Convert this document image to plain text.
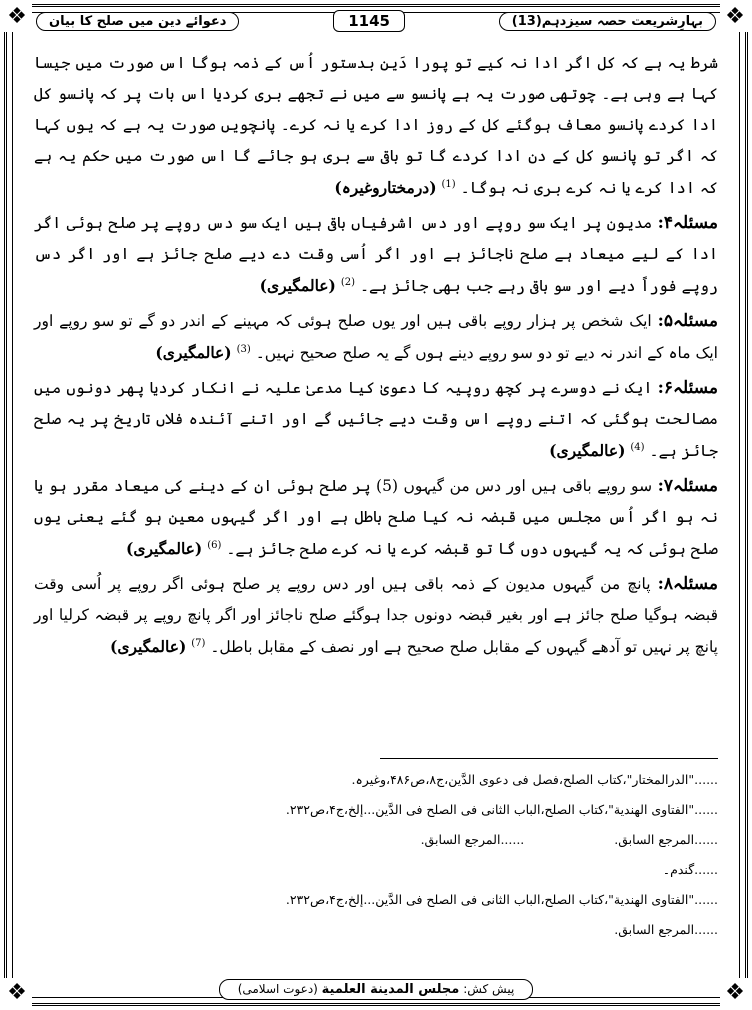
❖	❖
❖	❖
بہارِشریعت حصہ سیزدہم(13)
1145
دعوائے دین میں صلح کا بیان

شرط یہ ہے کہ کل اگر ادا نہ کیے تو پورا دَین بدستور اُس کے ذمہ ہوگا اس صورت میں جیسا کہا ہے وہی ہے۔ چوتھی صورت یہ ہے پانسو سے میں نے تجھے بری کردیا اس بات پر کہ پانسو کل ادا کردے پانسو معاف ہوگئے کل کے روز ادا کرے یا نہ کرے۔ پانچویں صورت یہ ہے کہ یوں کہا کہ اگر تو پانسو کل کے دن ادا کردے گا تو باقی سے بری ہو جائے گا اس صورت میں حکم یہ ہے کہ ادا کرے یا نہ کرے بری نہ ہوگا۔ $^{(1)}$ (درمختاروغیرہ)

مسئلہ۴: مدیون پر ایک سو روپے اور دس اشرفیاں باقی ہیں ایک سو دس روپے پر صلح ہوئی اگر ادا کے لیے میعاد ہے صلح ناجائز ہے اور اگر اُسی وقت دے دیے صلح جائز ہے اور اگر دس روپے فوراً دیے اور سو باقی رہے جب بھی جائز ہے۔ $^{(2)}$ (عالمگیری)

مسئلہ۵: ایک شخص پر ہزار روپے باقی ہیں اور یوں صلح ہوئی کہ مہینے کے اندر دو گے تو سو روپے اور ایک ماہ کے اندر نہ دیے تو دو سو روپے دینے ہوں گے یہ صلح صحیح نہیں۔ $^{(3)}$ (عالمگیری)

مسئلہ۶: ایک نے دوسرے پر کچھ روپیہ کا دعویٰ کیا مدعیٰ علیہ نے انکار کردیا پھر دونوں میں مصالحت ہوگئی کہ اتنے روپے اس وقت دیے جائیں گے اور اتنے آئندہ فلاں تاریخ پر یہ صلح جائز ہے۔ $^{(4)}$ (عالمگیری)

مسئلہ۷: سو روپے باقی ہیں اور دس من گیہوں (5) پر صلح ہوئی ان کے دینے کی میعاد مقرر ہو یا نہ ہو اگر اُس مجلس میں قبضہ نہ کیا صلح باطل ہے اور اگر گیہوں معین ہو گئے یعنی یوں صلح ہوئی کہ یہ گیہوں دوں گا تو قبضہ کرے یا نہ کرے صلح جائز ہے۔ $^{(6)}$ (عالمگیری)

مسئلہ۸: پانچ من گیہوں مدیون کے ذمہ باقی ہیں اور دس روپے پر صلح ہوئی اگر روپے پر اُسی وقت قبضہ ہوگیا صلح جائز ہے اور بغیر قبضہ دونوں جدا ہوگئے صلح ناجائز اور اگر پانچ روپے پر قبضہ کرلیا اور پانچ پر نہیں تو آدھے گیہوں کے مقابل صلح صحیح ہے اور نصف کے مقابل باطل۔ $^{(7)}$ (عالمگیری)

......"الدرالمختار"،کتاب الصلح،فصل فی دعوی الدَّین،ج۸،ص۴۸۶،وغیرہ.
......"الفتاوی الھندیة"،کتاب الصلح،الباب الثانی فی الصلح فی الدَّین...إلخ،ج۴،ص۲۳۲.
......المرجع السابق.
......المرجع السابق.
......گندم۔
......"الفتاوی الھندیة"،کتاب الصلح،الباب الثانی فی الصلح فی الدَّین...إلخ،ج۴،ص۲۳۲.
......المرجع السابق.
پیش کش: مجلس المدینة العلمیة (دعوت اسلامی)
